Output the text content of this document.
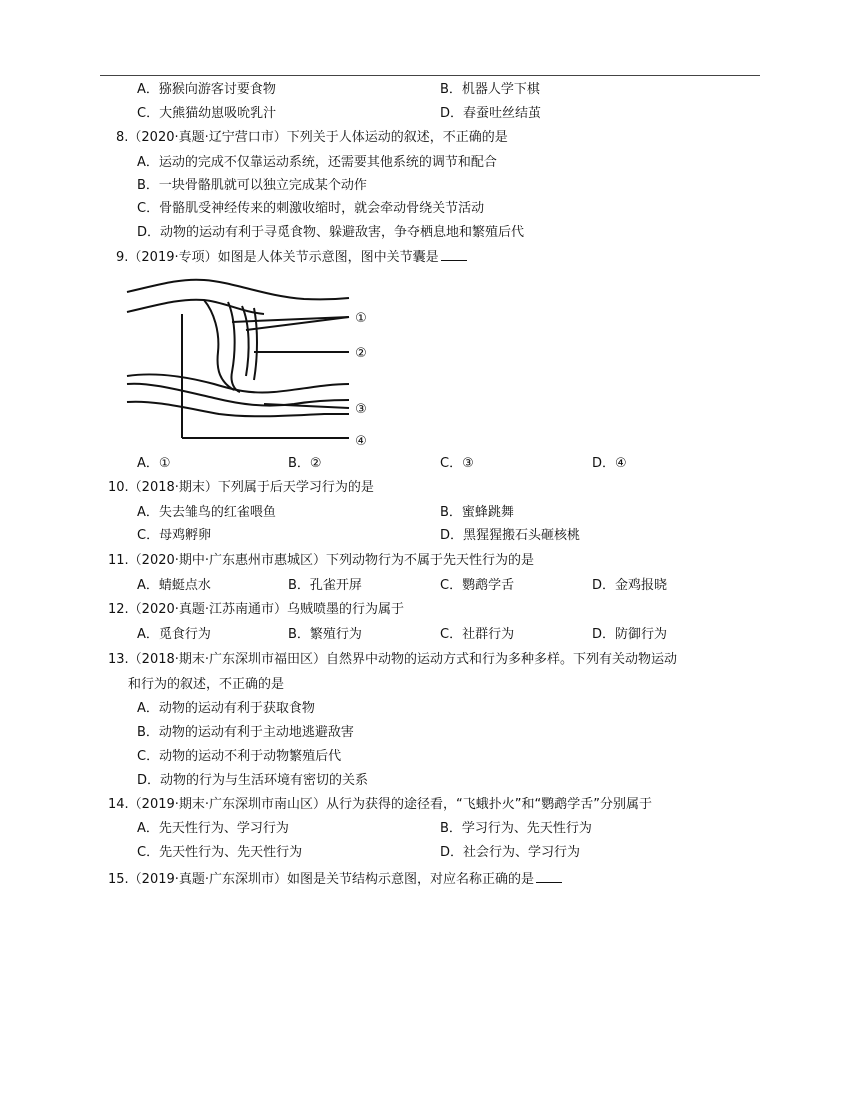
A．猕猴向游客讨要食物	B．机器人学下棋
C．大熊猫幼崽吸吮乳汁	D．春蚕吐丝结茧
8.（2020·真题·辽宁营口市）下列关于人体运动的叙述，不正确的是
A．运动的完成不仅靠运动系统，还需要其他系统的调节和配合
B．一块骨骼肌就可以独立完成某个动作
C．骨骼肌受神经传来的刺激收缩时，就会牵动骨绕关节活动
D．动物的运动有利于寻觅食物、躲避敌害，争夺栖息地和繁殖后代
9.（2019·专项）如图是人体关节示意图，图中关节囊是
①
②
③
④
A．①	B．②	C．③	D．④
10.（2018·期末）下列属于后天学习行为的是
A．失去雏鸟的红雀喂鱼	B．蜜蜂跳舞
C．母鸡孵卵	D．黑猩猩搬石头砸核桃
11.（2020·期中·广东惠州市惠城区）下列动物行为不属于先天性行为的是
A．蜻蜓点水	B．孔雀开屏	C．鹦鹉学舌	D．金鸡报晓
12.（2020·真题·江苏南通市）乌贼喷墨的行为属于
A．觅食行为	B．繁殖行为	C．社群行为	D．防御行为
13.（2018·期末·广东深圳市福田区）自然界中动物的运动方式和行为多种多样。下列有关动物运动
和行为的叙述，不正确的是
A．动物的运动有利于获取食物
B．动物的运动有利于主动地逃避敌害
C．动物的运动不利于动物繁殖后代
D．动物的行为与生活环境有密切的关系
14.（2019·期末·广东深圳市南山区）从行为获得的途径看，“飞蛾扑火”和“鹦鹉学舌”分别属于
A．先天性行为、学习行为	B．学习行为、先天性行为
C．先天性行为、先天性行为	D．社会行为、学习行为
15.（2019·真题·广东深圳市）如图是关节结构示意图，对应名称正确的是
